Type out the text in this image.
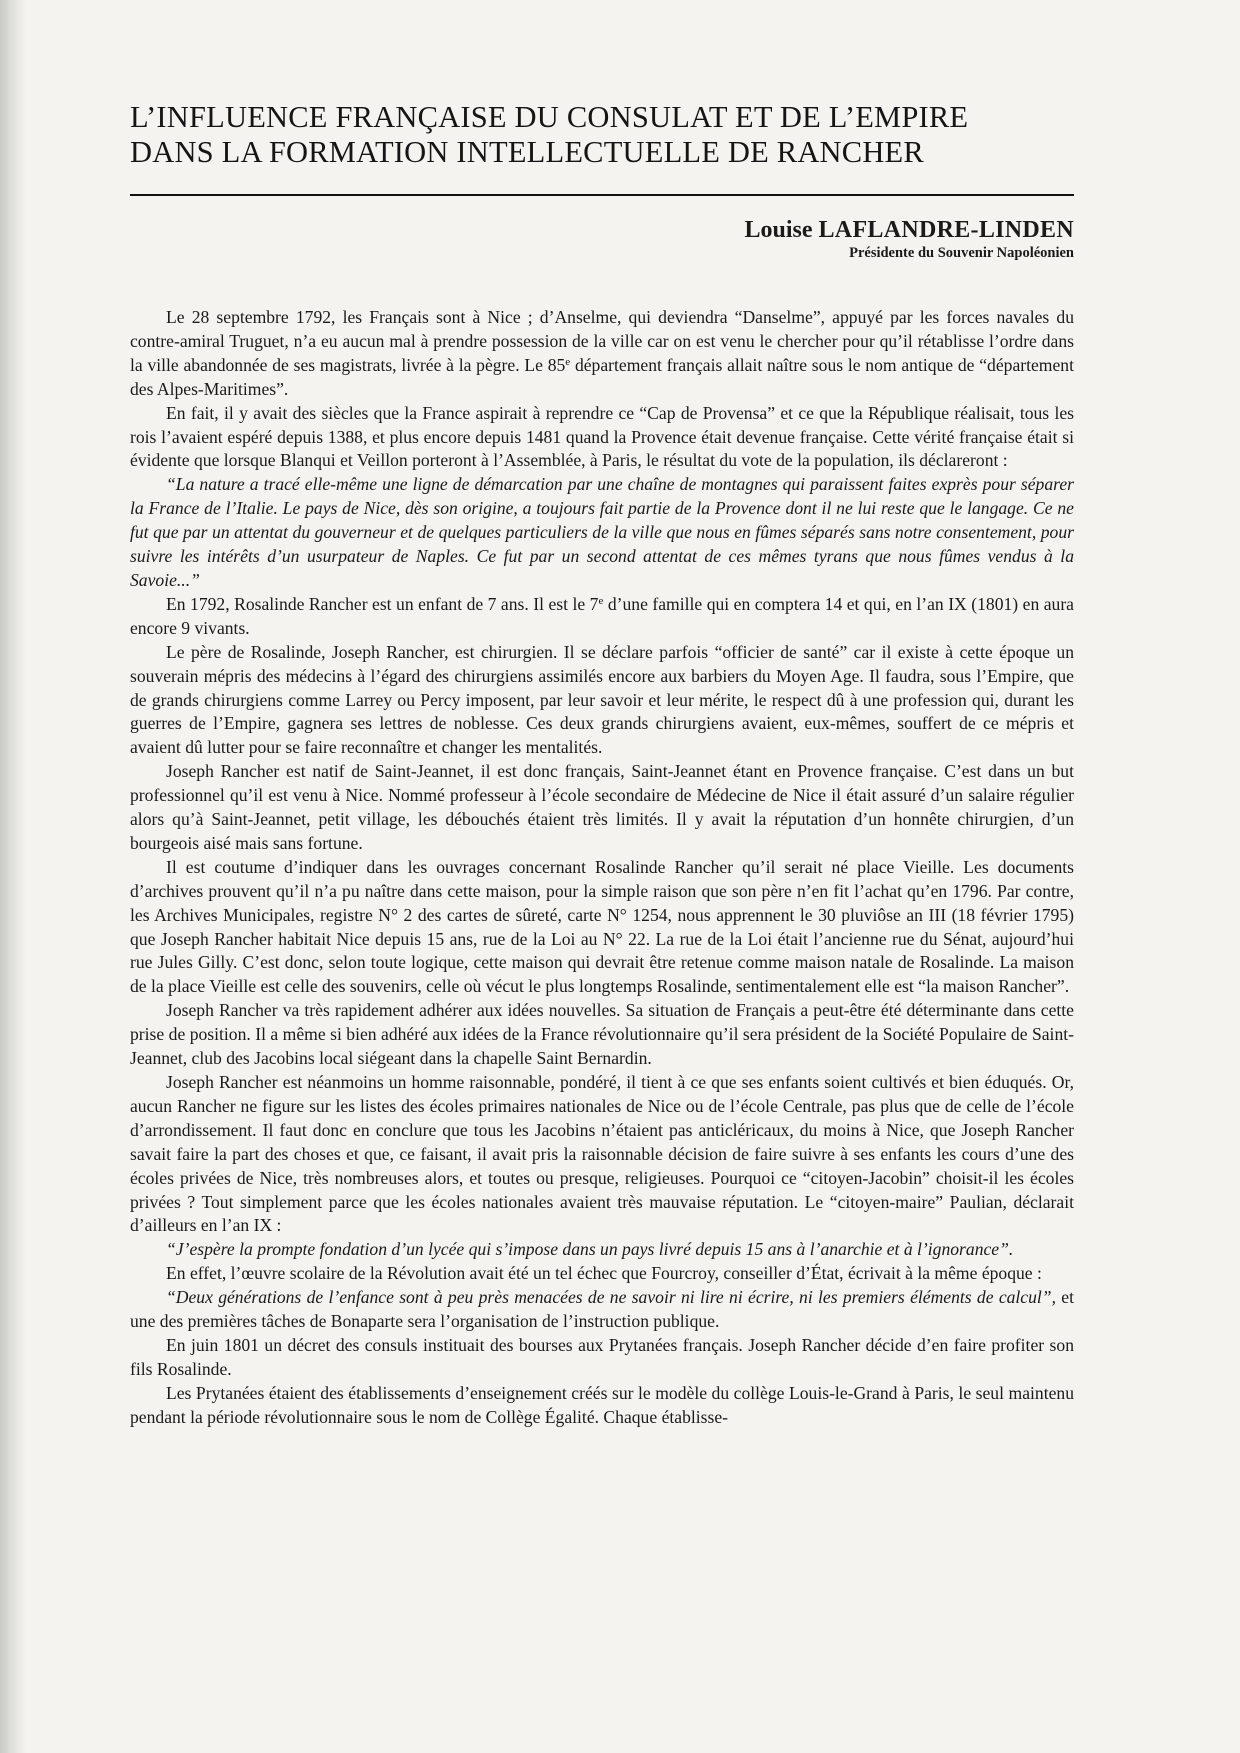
L’INFLUENCE FRANÇAISE DU CONSULAT ET DE L’EMPIRE
DANS LA FORMATION INTELLECTUELLE DE RANCHER
Louise LAFLANDRE-LINDEN
Présidente du Souvenir Napoléonien

Le 28 septembre 1792, les Français sont à Nice ; d’Anselme, qui deviendra “Danselme”, appuyé par les forces navales du contre-amiral Truguet, n’a eu aucun mal à prendre possession de la ville car on est venu le chercher pour qu’il rétablisse l’ordre dans la ville abandonnée de ses magistrats, livrée à la pègre. Le 85e département français allait naître sous le nom antique de “département des Alpes-Maritimes”.

En fait, il y avait des siècles que la France aspirait à reprendre ce “Cap de Provensa” et ce que la République réalisait, tous les rois l’avaient espéré depuis 1388, et plus encore depuis 1481 quand la Provence était devenue française. Cette vérité française était si évidente que lorsque Blanqui et Veillon porteront à l’Assemblée, à Paris, le résultat du vote de la population, ils déclareront :

“La nature a tracé elle-même une ligne de démarcation par une chaîne de montagnes qui paraissent faites exprès pour séparer la France de l’Italie. Le pays de Nice, dès son origine, a toujours fait partie de la Provence dont il ne lui reste que le langage. Ce ne fut que par un attentat du gouverneur et de quelques particuliers de la ville que nous en fûmes séparés sans notre consentement, pour suivre les intérêts d’un usurpateur de Naples. Ce fut par un second attentat de ces mêmes tyrans que nous fûmes vendus à la Savoie...”

En 1792, Rosalinde Rancher est un enfant de 7 ans. Il est le 7e d’une famille qui en comptera 14 et qui, en l’an IX (1801) en aura encore 9 vivants.

Le père de Rosalinde, Joseph Rancher, est chirurgien. Il se déclare parfois “officier de santé” car il existe à cette époque un souverain mépris des médecins à l’égard des chirurgiens assimilés encore aux barbiers du Moyen Age. Il faudra, sous l’Empire, que de grands chirurgiens comme Larrey ou Percy imposent, par leur savoir et leur mérite, le respect dû à une profession qui, durant les guerres de l’Empire, gagnera ses lettres de noblesse. Ces deux grands chirurgiens avaient, eux-mêmes, souffert de ce mépris et avaient dû lutter pour se faire reconnaître et changer les mentalités.

Joseph Rancher est natif de Saint-Jeannet, il est donc français, Saint-Jeannet étant en Provence française. C’est dans un but professionnel qu’il est venu à Nice. Nommé professeur à l’école secondaire de Médecine de Nice il était assuré d’un salaire régulier alors qu’à Saint-Jeannet, petit village, les débouchés étaient très limités. Il y avait la réputation d’un honnête chirurgien, d’un bourgeois aisé mais sans fortune.

Il est coutume d’indiquer dans les ouvrages concernant Rosalinde Rancher qu’il serait né place Vieille. Les documents d’archives prouvent qu’il n’a pu naître dans cette maison, pour la simple raison que son père n’en fit l’achat qu’en 1796. Par contre, les Archives Municipales, registre N° 2 des cartes de sûreté, carte N° 1254, nous apprennent le 30 pluviôse an III (18 février 1795) que Joseph Rancher habitait Nice depuis 15 ans, rue de la Loi au N° 22. La rue de la Loi était l’ancienne rue du Sénat, aujourd’hui rue Jules Gilly. C’est donc, selon toute logique, cette maison qui devrait être retenue comme maison natale de Rosalinde. La maison de la place Vieille est celle des souvenirs, celle où vécut le plus longtemps Rosalinde, sentimentalement elle est “la maison Rancher”.

Joseph Rancher va très rapidement adhérer aux idées nouvelles. Sa situation de Français a peut-être été déterminante dans cette prise de position. Il a même si bien adhéré aux idées de la France révolutionnaire qu’il sera président de la Société Populaire de Saint-Jeannet, club des Jacobins local siégeant dans la chapelle Saint Bernardin.

Joseph Rancher est néanmoins un homme raisonnable, pondéré, il tient à ce que ses enfants soient cultivés et bien éduqués. Or, aucun Rancher ne figure sur les listes des écoles primaires nationales de Nice ou de l’école Centrale, pas plus que de celle de l’école d’arrondissement. Il faut donc en conclure que tous les Jacobins n’étaient pas anticléricaux, du moins à Nice, que Joseph Rancher savait faire la part des choses et que, ce faisant, il avait pris la raisonnable décision de faire suivre à ses enfants les cours d’une des écoles privées de Nice, très nombreuses alors, et toutes ou presque, religieuses. Pourquoi ce “citoyen-Jacobin” choisit-il les écoles privées ? Tout simplement parce que les écoles nationales avaient très mauvaise réputation. Le “citoyen-maire” Paulian, déclarait d’ailleurs en l’an IX :

“J’espère la prompte fondation d’un lycée qui s’impose dans un pays livré depuis 15 ans à l’anarchie et à l’ignorance”.

En effet, l’œuvre scolaire de la Révolution avait été un tel échec que Fourcroy, conseiller d’État, écrivait à la même époque :

“Deux générations de l’enfance sont à peu près menacées de ne savoir ni lire ni écrire, ni les premiers éléments de calcul”, et une des premières tâches de Bonaparte sera l’organisation de l’instruction publique.

En juin 1801 un décret des consuls instituait des bourses aux Prytanées français. Joseph Rancher décide d’en faire profiter son fils Rosalinde.

Les Prytanées étaient des établissements d’enseignement créés sur le modèle du collège Louis-le-Grand à Paris, le seul maintenu pendant la période révolutionnaire sous le nom de Collège Égalité. Chaque établisse-
